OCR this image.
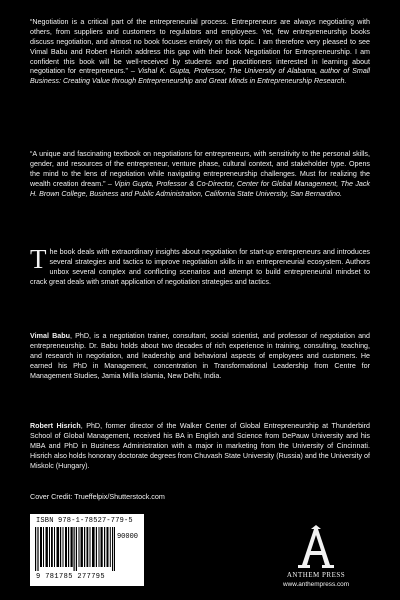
“Negotiation is a critical part of the entrepreneurial process. Entrepreneurs are always negotiating with others, from suppliers and customers to regulators and employees. Yet, few entrepreneurship books discuss negotiation, and almost no book focuses entirely on this topic. I am therefore very pleased to see Vimal Babu and Robert Hisrich address this gap with their book Negotiation for Entrepreneurship. I am confident this book will be well-received by students and practitioners interested in learning about negotiation for entrepreneurs.” – Vishal K. Gupta, Professor, The University of Alabama, author of Small Business: Creating Value through Entrepreneurship and Great Minds in Entrepreneurship Research.
“A unique and fascinating textbook on negotiations for entrepreneurs, with sensitivity to the personal skills, gender, and resources of the entrepreneur, venture phase, cultural context, and stakeholder type. Opens the mind to the lens of negotiation while navigating entrepreneurship challenges. Must for realizing the wealth creation dream.” – Vipin Gupta, Professor & Co-Director, Center for Global Management, The Jack H. Brown College, Business and Public Administration, California State University, San Bernardino.
The book deals with extraordinary insights about negotiation for start-up entrepreneurs and introduces several strategies and tactics to improve negotiation skills in an entrepreneurial ecosystem. Authors unbox several complex and conflicting scenarios and attempt to build entrepreneurial mindset to crack great deals with smart application of negotiation strategies and tactics.
Vimal Babu, PhD, is a negotiation trainer, consultant, social scientist, and professor of negotiation and entrepreneurship. Dr. Babu holds about two decades of rich experience in training, consulting, teaching, and research in negotiation, and leadership and behavioral aspects of employees and customers. He earned his PhD in Management, concentration in Transformational Leadership from Centre for Management Studies, Jamia Millia Islamia, New Delhi, India.
Robert Hisrich, PhD, former director of the Walker Center of Global Entrepreneurship at Thunderbird School of Global Management, received his BA in English and Science from DePauw University and his MBA and PhD in Business Administration with a major in marketing from the University of Cincinnati. Hisrich also holds honorary doctorate degrees from Chuvash State University (Russia) and the University of Miskolc (Hungary).
Cover Credit: Trueffelpix/Shutterstock.com
ISBN 978-1-78527-779-5
90000
9 781785 277795	ANTHEM PRESS
www.anthempress.com
